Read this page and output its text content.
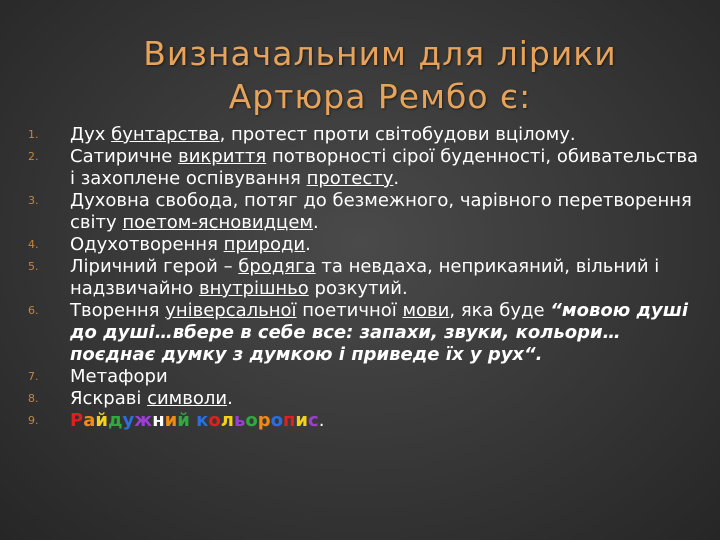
Визначальним для лірики
Артюра Рембо є:
1.	Дух бунтарства, протест проти світобудови вцілому.
2.	Сатиричне викриття потворності сірої буденності, обивательства і захоплене оспівування протесту.
3.	Духовна свобода, потяг до безмежного, чарівного перетворення світу поетом-ясновидцем.
4.	Одухотворення природи.
5.	Ліричний герой – бродяга та невдаха, неприкаяний, вільний і надзвичайно внутрішньо розкутий.
6.	Творення універсальної поетичної мови, яка буде “мовою душі до душі…вбере в себе все: запахи, звуки, кольори…поєднає думку з думкою і приведе їх у рух“.
7.	Метафори
8.	Яскраві символи.
9.	Райдужний кольоропис.
